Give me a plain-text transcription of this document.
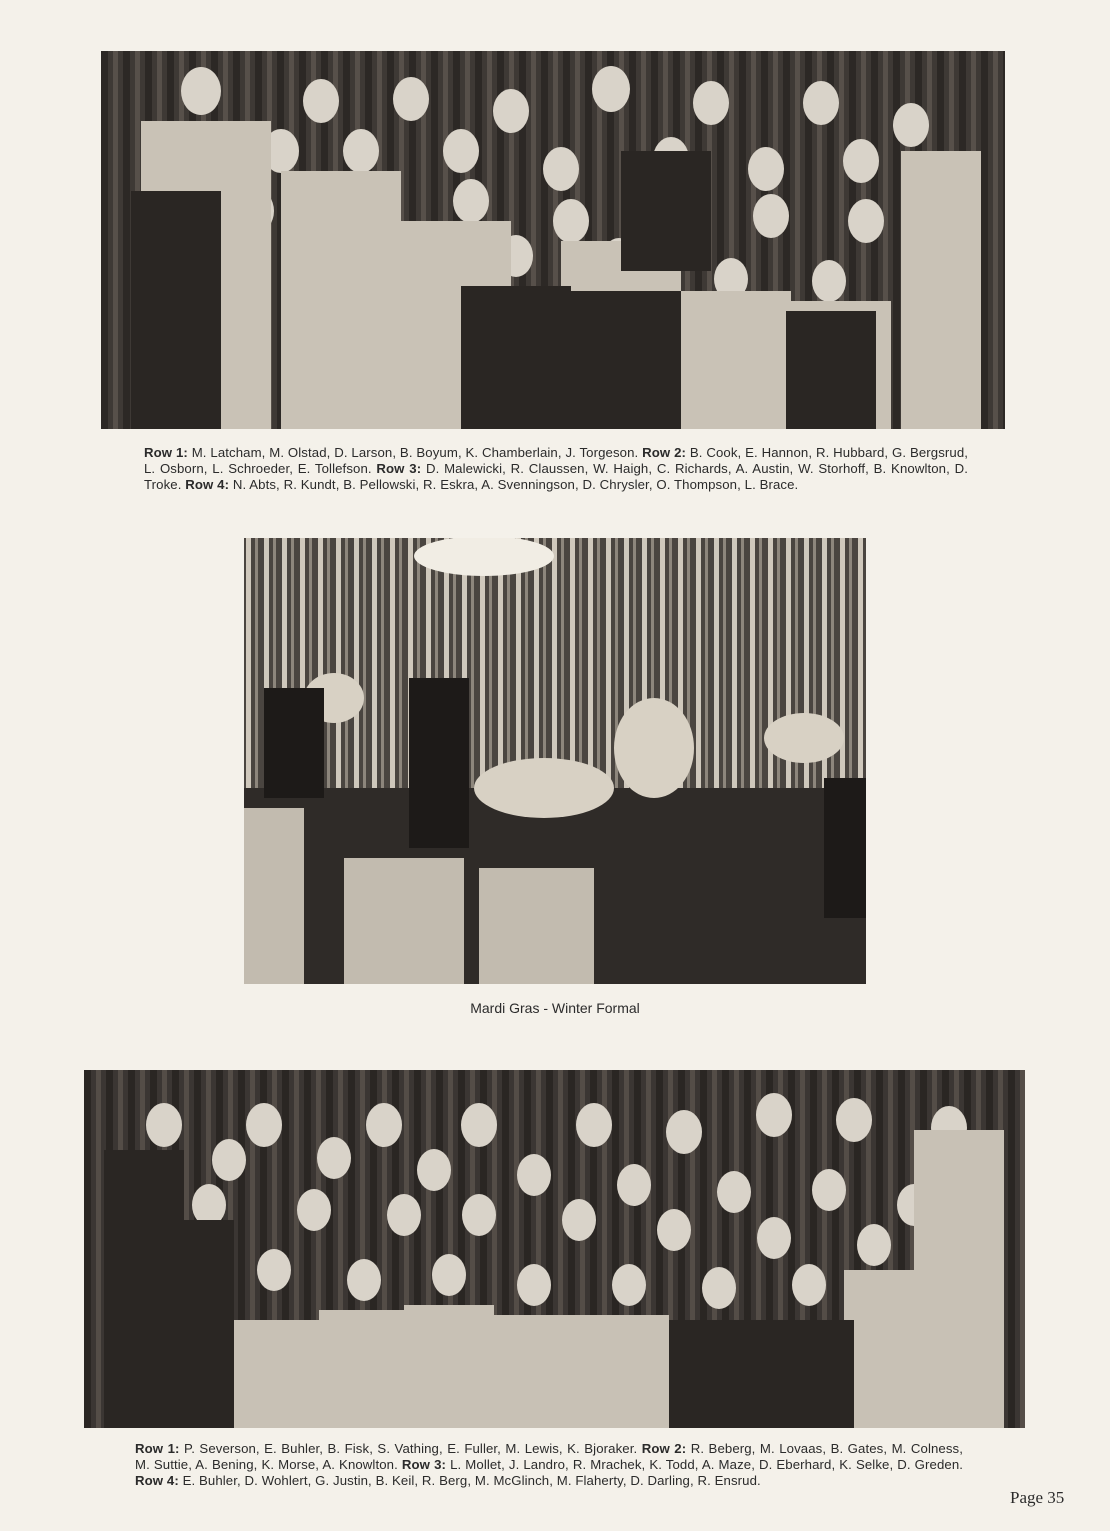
Row 1: M. Latcham, M. Olstad, D. Larson, B. Boyum, K. Chamberlain, J. Torgeson. Row 2: B. Cook, E. Hannon, R. Hubbard, G. Bergsrud, L. Osborn, L. Schroeder, E. Tollefson. Row 3: D. Malewicki, R. Claussen, W. Haigh, C. Richards, A. Austin, W. Storhoff, B. Knowlton, D. Troke. Row 4: N. Abts, R. Kundt, B. Pellowski, R. Eskra, A. Svenningson, D. Chrysler, O. Thompson, L. Brace.
Mardi Gras - Winter Formal
Row 1: P. Severson, E. Buhler, B. Fisk, S. Vathing, E. Fuller, M. Lewis, K. Bjoraker. Row 2: R. Beberg, M. Lovaas, B. Gates, M. Colness, M. Suttie, A. Bening, K. Morse, A. Knowlton. Row 3: L. Mollet, J. Landro, R. Mrachek, K. Todd, A. Maze, D. Eberhard, K. Selke, D. Greden. Row 4: E. Buhler, D. Wohlert, G. Justin, B. Keil, R. Berg, M. McGlinch, M. Flaherty, D. Darling, R. Ensrud.
Page 35
